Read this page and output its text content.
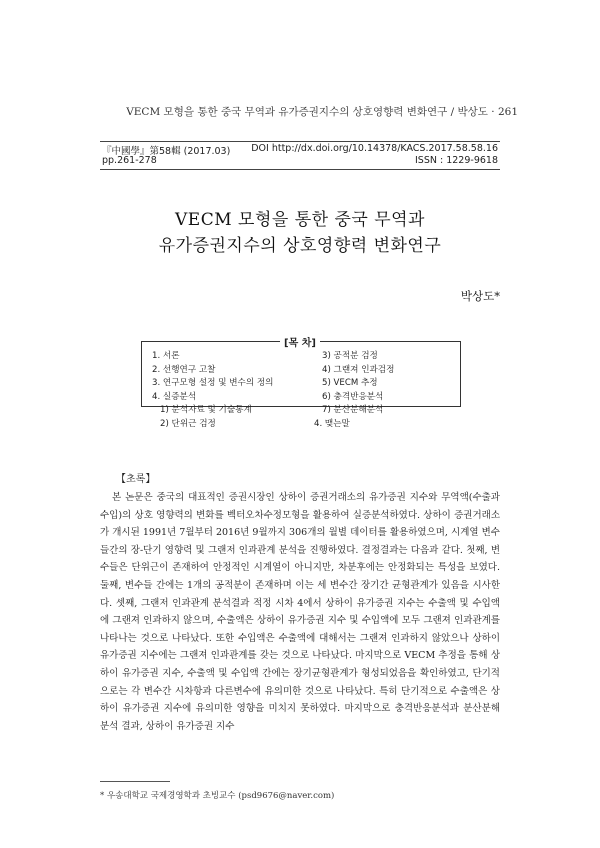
VECM 모형을 통한 중국 무역과 유가증권지수의 상호영향력 변화연구 / 박상도 · 261
『中國學』第58輯 (2017.03) DOI http://dx.doi.org/10.14378/KACS.2017.58.58.16
pp.261-278	ISSN : 1229-9618
VECM 모형을 통한 중국 무역과
유가증권지수의 상호영향력 변화연구
박상도*
[목 차]
1. 서론
2. 선행연구 고찰
3. 연구모형 설정 및 변수의 정의
4. 실증분석
1) 분석자료 및 기술통계
2) 단위근 검정
3) 공적분 검정
4) 그랜져 인과검정
5) VECM 추정
6) 충격반응분석
7) 분산분해분석
4. 맺는말
【초록】

본 논문은 중국의 대표적인 증권시장인 상하이 증권거래소의 유가증권 지수와 무역액(수출과 수입)의 상호 영향력의 변화를 벡터오차수정모형을 활용하여 실증분석하였다. 상하이 증권거래소가 개시된 1991년 7월부터 2016년 9월까지 306개의 월별 데이터를 활용하였으며, 시계열 변수들간의 장-단기 영향력 및 그랜저 인과관계 분석을 진행하였다. 결정결과는 다음과 같다. 첫째, 변수들은 단위근이 존재하여 안정적인 시계열이 아니지만, 차분후에는 안정화되는 특성을 보였다. 둘째, 변수들 간에는 1개의 공적분이 존재하며 이는 세 변수간 장기간 균형관계가 있음을 시사한다. 셋째, 그랜저 인과관계 분석결과 적정 시차 4에서 상하이 유가증권 지수는 수출액 및 수입액에 그랜져 인과하지 않으며, 수출액은 상하이 유가증권 지수 및 수입액에 모두 그랜져 인과관계를 나타나는 것으로 나타났다. 또한 수입액은 수출액에 대해서는 그랜져 인과하지 않았으나 상하이 유가증권 지수에는 그랜져 인과관계를 갖는 것으로 나타났다. 마지막으로 VECM 추정을 통해 상하이 유가증권 지수, 수출액 및 수입액 간에는 장기균형관계가 형성되었음을 확인하였고, 단기적으로는 각 변수간 시차항과 다른변수에 유의미한 것으로 나타났다. 특히 단기적으로 수출액은 상하이 유가증권 지수에 유의미한 영향을 미치지 못하였다. 마지막으로 충격반응분석과 분산분해 분석 결과, 상하이 유가증권 지수

* 우송대학교 국제경영학과 초빙교수 (psd9676@naver.com)
